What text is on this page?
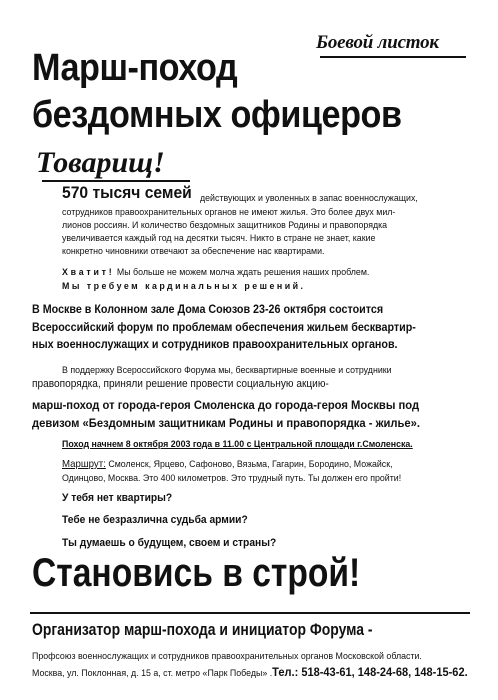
Боевой листок
Марш-поход
бездомных офицеров
Товарищ!
570 тысяч семей действующих и уволенных в запас военнослужащих,
сотрудников правоохранительных органов не имеют жилья. Это более двух мил-
лионов россиян. И количество бездомных защитников Родины и правопорядка
увеличивается каждый год на десятки тысяч. Никто в стране не знает, какие
конкретно чиновники отвечают за обеспечение нас квартирами.
Хватит! Мы больше не можем молча ждать решения наших проблем.
Мы требуем кардинальных решений.
В Москве в Колонном зале Дома Союзов 23-26 октября состоится
Всероссийский форум по проблемам обеспечения жильем бесквартир-
ных военнослужащих и сотрудников правоохранительных органов.
В поддержку Всероссийского Форума мы, бесквартирные военные и сотрудники
правопорядка, приняли решение провести социальную акцию-
марш-поход от города-героя Смоленска до города-героя Москвы под
девизом «Бездомным защитникам Родины и правопорядка - жилье».
Поход начнем 8 октября 2003 года в 11.00 с Центральной площади г.Смоленска.
Маршрут: Смоленск, Ярцево, Сафоново, Вязьма, Гагарин, Бородино, Можайск,
Одинцово, Москва. Это 400 километров. Это трудный путь. Ты должен его пройти!
У тебя нет квартиры?
Тебе не безразлична судьба армии?
Ты думаешь о будущем, своем и страны?
Становись в строй!
Организатор марш-похода и инициатор Форума -
Профсоюз военнослужащих и сотрудников правоохранительных органов Московской области.
Москва, ул. Поклонная, д. 15 а, ст. метро «Парк Победы» .Тел.: 518-43-61, 148-24-68, 148-15-62.
